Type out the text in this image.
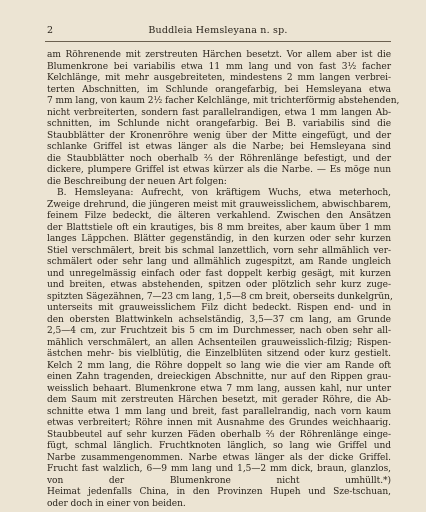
2	Buddleia Hemsleyana n. sp.
am Röhrenende mit zerstreuten Härchen besetzt. Vor allem aber ist die
Blumenkrone bei variabilis etwa 11 mm lang und von fast 3½ facher
Kelchlänge, mit mehr ausgebreiteten, mindestens 2 mm langen verbrei-
terten Abschnitten, im Schlunde orangefarbig, bei Hemsleyana etwa
7 mm lang, von kaum 2½ facher Kelchlänge, mit trichterförmig abstehenden,
nicht verbreiterten, sondern fast parallelrandigen, etwa 1 mm langen Ab-
schnitten, im Schlunde nicht orangefarbig. Bei B. variabilis sind die
Staubblätter der Kronenröhre wenig über der Mitte eingefügt, und der
schlanke Griffel ist etwas länger als die Narbe; bei Hemsleyana sind
die Staubblätter noch oberhalb ⅔ der Röhrenlänge befestigt, und der
dickere, plumpere Griffel ist etwas kürzer als die Narbe. — Es möge nun
die Beschreibung der neuen Art folgen:
B. Hemsleyana: Aufrecht, von kräftigem Wuchs, etwa meterhoch,
Zweige drehrund, die jüngeren meist mit grauweisslichem, abwischbarem,
feinem Filze bedeckt, die älteren verkahlend. Zwischen den Ansätzen
der Blattstiele oft ein krautiges, bis 8 mm breites, aber kaum über 1 mm
langes Läppchen. Blätter gegenständig, in den kurzen oder sehr kurzen
Stiel verschmälert, breit bis schmal lanzettlich, vorn sehr allmählich ver-
schmälert oder sehr lang und allmählich zugespitzt, am Rande ungleich
und unregelmässig einfach oder fast doppelt kerbig gesägt, mit kurzen
und breiten, etwas abstehenden, spitzen oder plötzlich sehr kurz zuge-
spitzten Sägezähnen, 7—23 cm lang, 1,5—8 cm breit, oberseits dunkelgrün,
unterseits mit grauweisslichem Filz dicht bedeckt. Rispen end- und in
den obersten Blattwinkeln achselständig, 3,5—37 cm lang, am Grunde
2,5—4 cm, zur Fruchtzeit bis 5 cm im Durchmesser, nach oben sehr all-
mählich verschmälert, an allen Achsenteilen grauweisslich-filzig; Rispen-
ästchen mehr- bis vielblütig, die Einzelblüten sitzend oder kurz gestielt.
Kelch 2 mm lang, die Röhre doppelt so lang wie die vier am Rande oft
einen Zahn tragenden, dreieckigen Abschnitte, nur auf den Rippen grau-
weisslich behaart. Blumenkrone etwa 7 mm lang, aussen kahl, nur unter
dem Saum mit zerstreuten Härchen besetzt, mit gerader Röhre, die Ab-
schnitte etwa 1 mm lang und breit, fast parallelrandig, nach vorn kaum
etwas verbreitert; Röhre innen mit Ausnahme des Grundes weichhaarig.
Staubbeutel auf sehr kurzen Fäden oberhalb ⅔ der Röhrenlänge einge-
fügt, schmal länglich. Fruchtknoten länglich, so lang wie Griffel und
Narbe zusammengenommen. Narbe etwas länger als der dicke Griffel.
Frucht fast walzlich, 6—9 mm lang und 1,5—2 mm dick, braun, glanzlos,
von der Blumenkrone nicht umhüllt.*)
Heimat jedenfalls China, in den Provinzen Hupeh und Sze-tschuan,
oder doch in einer von beiden.
